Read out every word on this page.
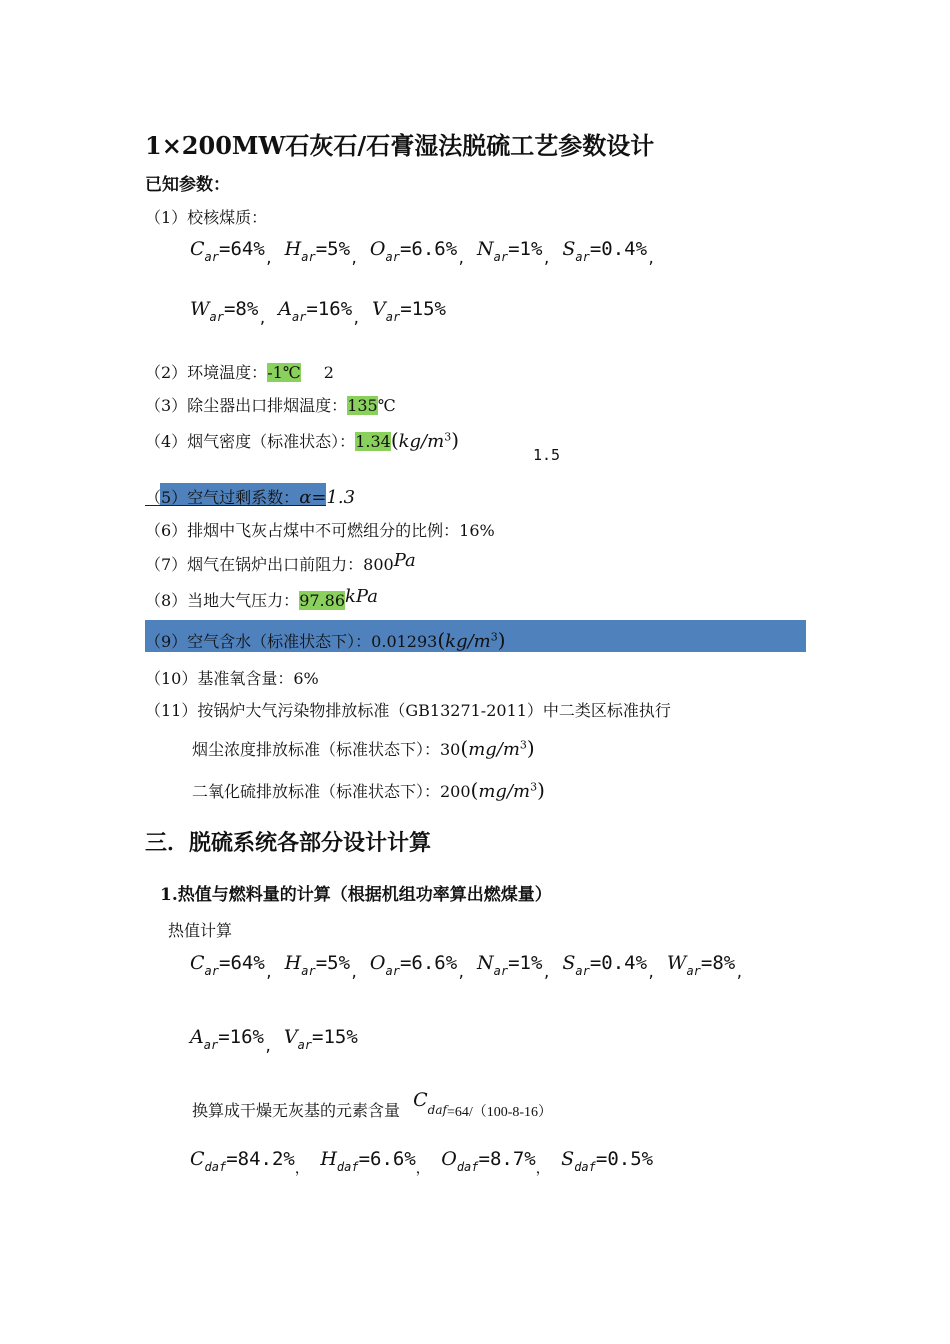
1×200MW石灰石/石膏湿法脱硫工艺参数设计
已知参数：
（1）校核煤质：
$C_{ar}=64\%_,$ $H_{ar}=5\%_,$ $O_{ar}=6.6\%_,$ $N_{ar}=1\%_,$ $S_{ar}=0.4\%_,$
$W_{ar}=8\%_,$ $A_{ar}=16\%_,$ $V_{ar}=15\%$
（2）环境温度：-1℃ 2
（3）除尘器出口排烟温度：135℃
（4）烟气密度（标准状态）：$1.34(kg/m^3)$
1.5
（5）空气过剩系数：α=1.3
（6）排烟中飞灰占煤中不可燃组分的比例：16%
（7）烟气在锅炉出口前阻力：800Pa
（8）当地大气压力：97.86kPa
（9）空气含水（标准状态下）：$0.01293(kg/m^3)$
（10）基准氧含量：6%
（11）按锅炉大气污染物排放标准（GB13271-2011）中二类区标准执行
烟尘浓度排放标准（标准状态下）：$30(mg/m^3)$
二氧化硫排放标准（标准状态下）：$200(mg/m^3)$
三．脱硫系统各部分设计计算
1.热值与燃料量的计算（根据机组功率算出燃煤量）
热值计算
$C_{ar}=64\%_,$ $H_{ar}=5\%_,$ $O_{ar}=6.6\%_,$ $N_{ar}=1\%_,$ $S_{ar}=0.4\%_,$ $W_{ar}=8\%_,$
$A_{ar}=16\%_,$ $V_{ar}=15\%$
换算成干燥无灰基的元素含量 Cdaf=64/（100-8-16）
$C_{daf}=84.2\%_,$ $H_{daf}=6.6\%_,$ $O_{daf}=8.7\%_,$ $S_{daf}=0.5\%$
